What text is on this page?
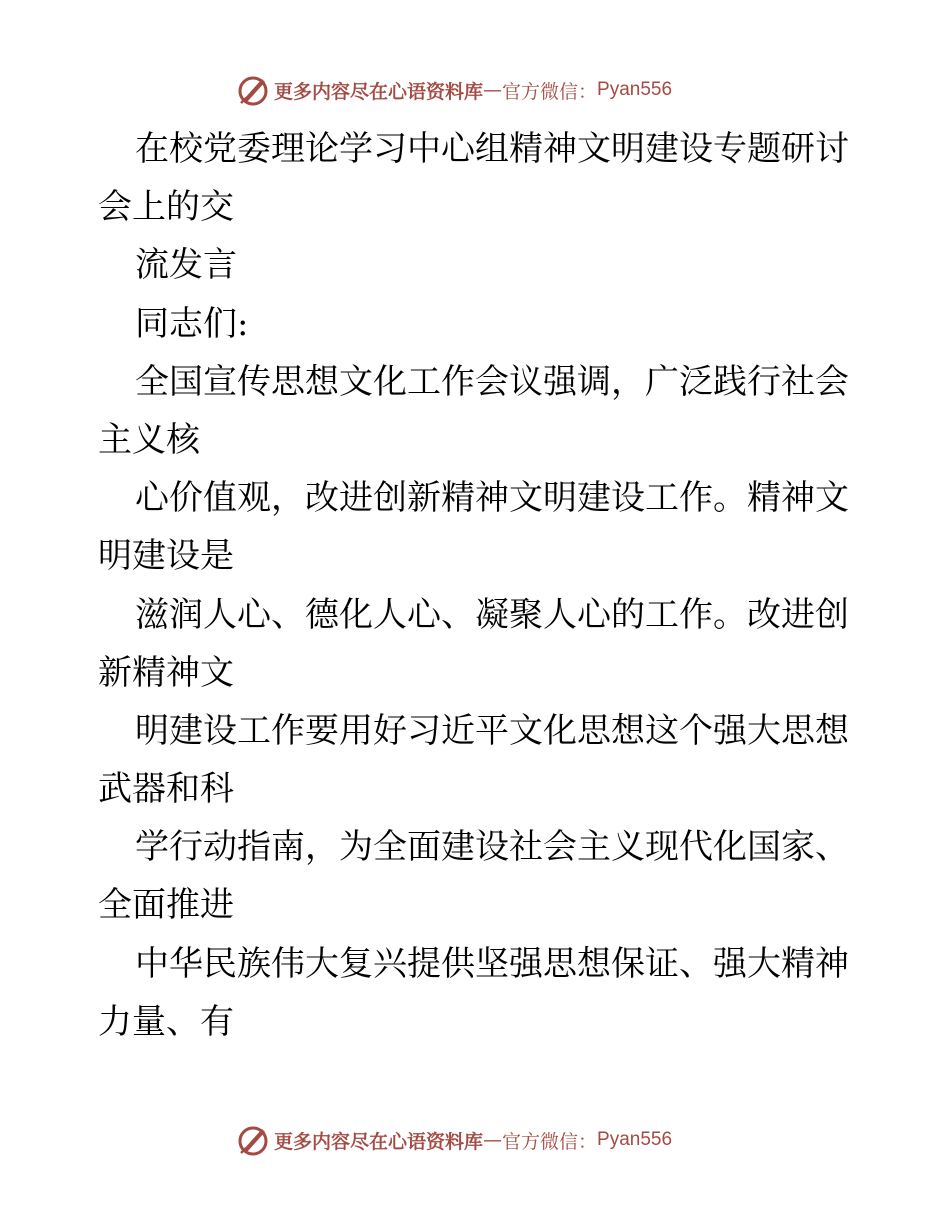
更多内容尽在心语资料库 — 官方微信： Pyan556
在校党委理论学习中心组精神文明建设专题研讨
会上的交
流发言
同志们:
全国宣传思想文化工作会议强调，广泛践行社会
主义核
心价值观，改进创新精神文明建设工作。精神文
明建设是
滋润人心、德化人心、凝聚人心的工作。改进创
新精神文
明建设工作要用好习近平文化思想这个强大思想
武器和科
学行动指南，为全面建设社会主义现代化国家、
全面推进
中华民族伟大复兴提供坚强思想保证、强大精神
力量、有
更多内容尽在心语资料库 — 官方微信： Pyan556
